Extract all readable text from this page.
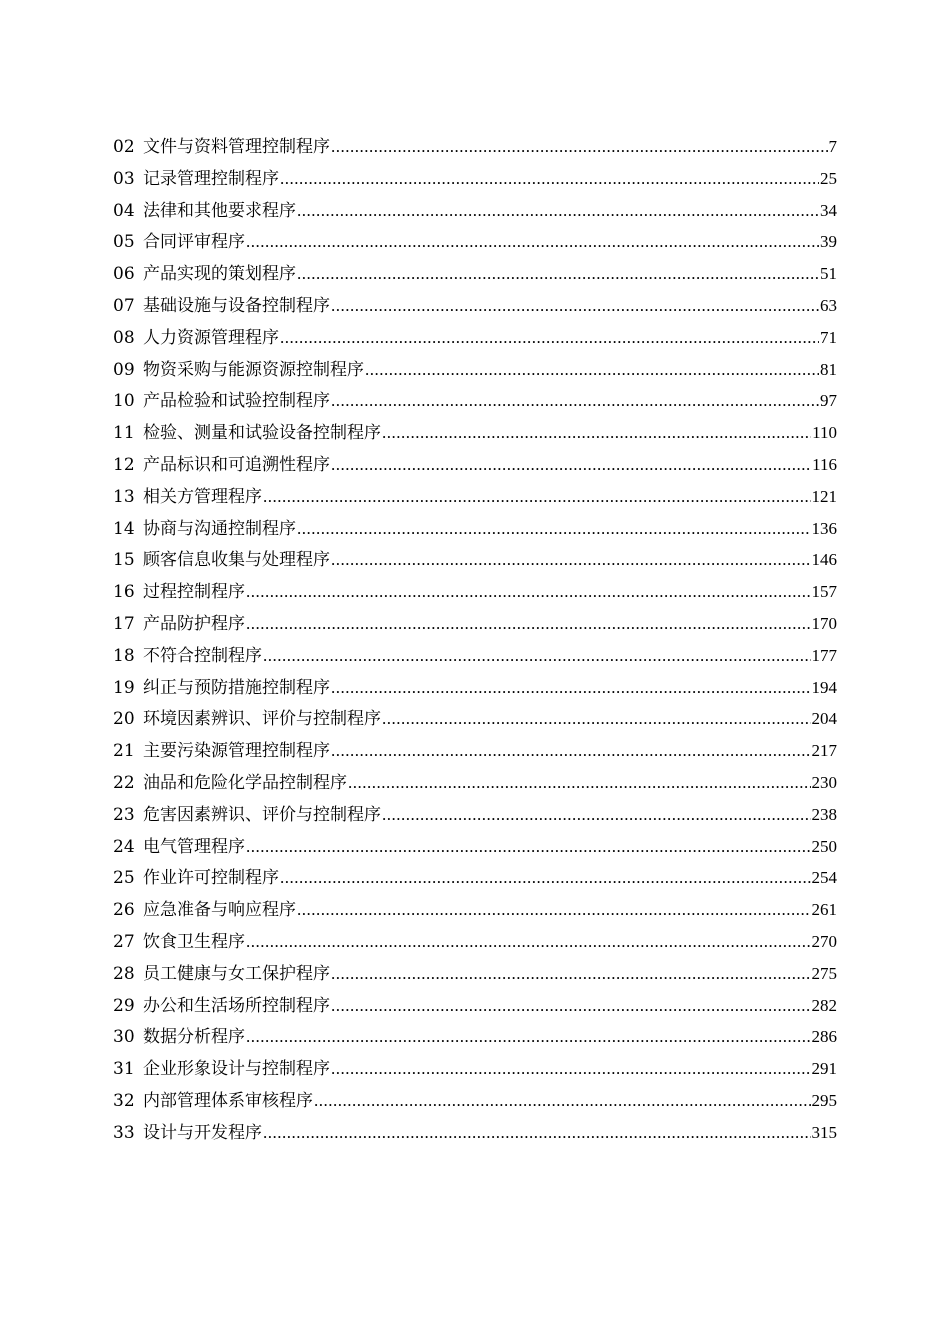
02 文件与资料管理控制程序 .....	7
03 记录管理控制程序 .....	25
04 法律和其他要求程序 .....	34
05 合同评审程序 .....	39
06 产品实现的策划程序 .....	51
07 基础设施与设备控制程序 .....	63
08 人力资源管理程序 .....	71
09 物资采购与能源资源控制程序 .....	81
10 产品检验和试验控制程序 .....	97
11 检验、测量和试验设备控制程序 .....	110
12 产品标识和可追溯性程序 .....	116
13 相关方管理程序 .....	121
14 协商与沟通控制程序 .....	136
15 顾客信息收集与处理程序 .....	146
16 过程控制程序 .....	157
17 产品防护程序 .....	170
18 不符合控制程序 .....	177
19 纠正与预防措施控制程序 .....	194
20 环境因素辨识、评价与控制程序 .....	204
21 主要污染源管理控制程序 .....	217
22 油品和危险化学品控制程序 .....	230
23 危害因素辨识、评价与控制程序 .....	238
24 电气管理程序 .....	250
25 作业许可控制程序 .....	254
26 应急准备与响应程序 .....	261
27 饮食卫生程序 .....	270
28 员工健康与女工保护程序 .....	275
29 办公和生活场所控制程序 .....	282
30 数据分析程序 .....	286
31 企业形象设计与控制程序 .....	291
32 内部管理体系审核程序 .....	295
33 设计与开发程序 .....	315
